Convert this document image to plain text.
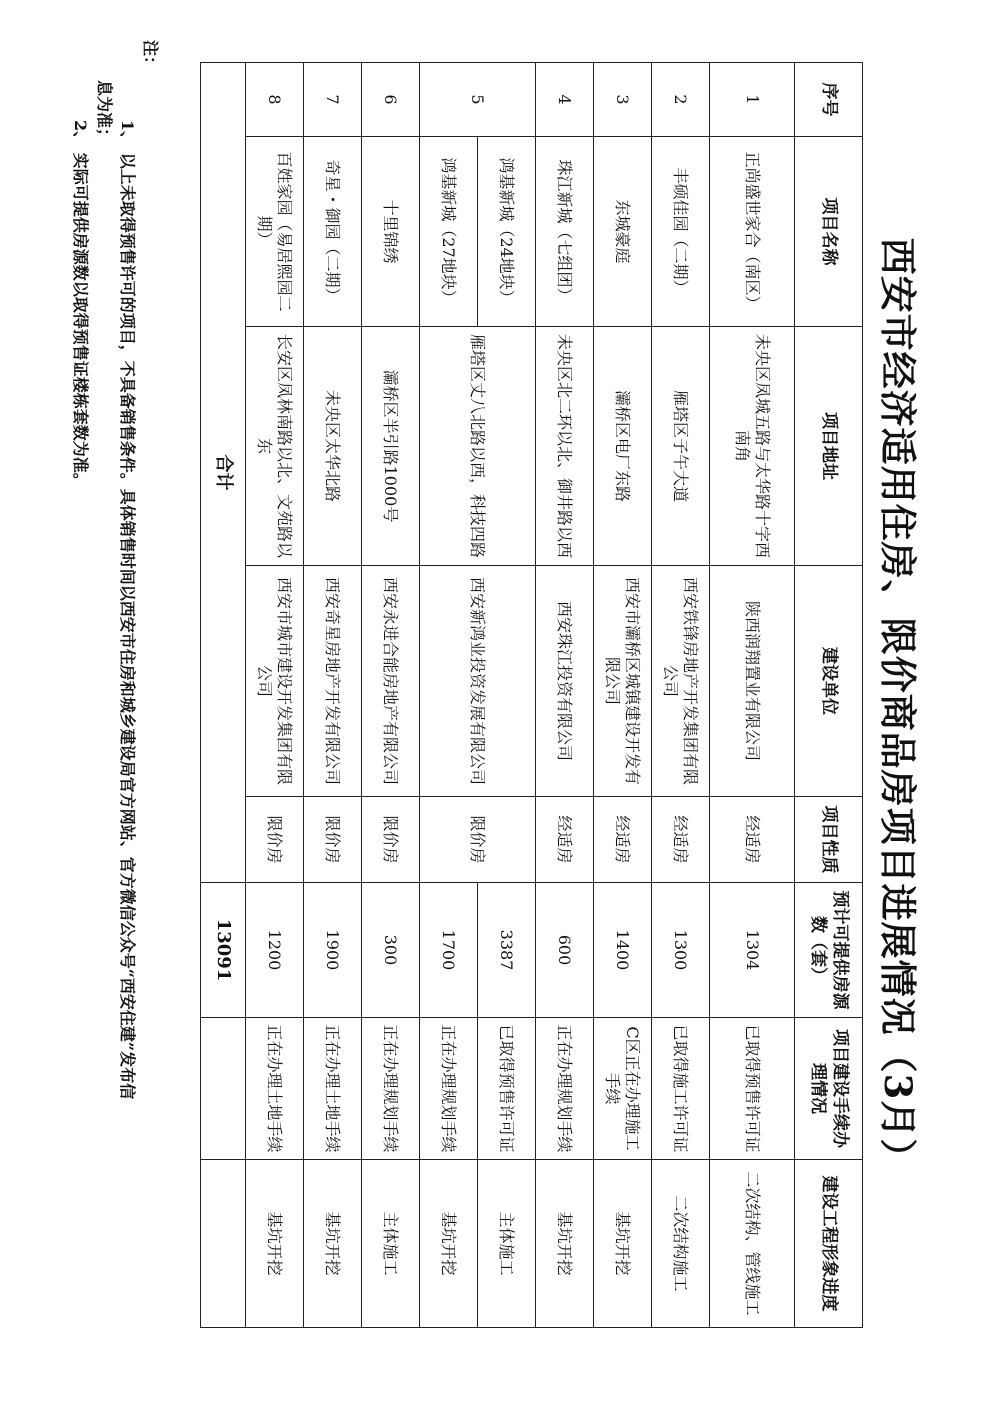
西安市经济适用住房、限价商品房项目进展情况（3月）
序号	项目名称	项目地址	建设单位	项目性质	预计可提供房源数（套）	项目建设手续办理情况	建设工程形象进度
1	正尚盛世家合（南区）	未央区凤城五路与太华路十字西南角	陕西润翔置业有限公司	经适房	1304	已取得预售许可证	二次结构、管线施工
2	丰硕佳园（二期）	雁塔区子午大道	西安铁锋房地产开发集团有限公司	经适房	1300	已取得施工许可证	二次结构施工
3	东城豪庭	灞桥区电厂东路	西安市灞桥区城镇建设开发有限公司	经适房	1400	C区正在办理施工手续	基坑开挖
4	珠江新城（七组团）	未央区北二环以北、御井路以西	西安珠江投资有限公司	经适房	600	正在办理规划手续	基坑开挖
5	鸿基新城（24地块）	雁塔区丈八北路以西，科技四路	西安新鸿业投资发展有限公司	限价房	3387	已取得预售许可证	主体施工
	鸿基新城（27地块）				1700	正在办理规划手续	基坑开挖
6	十里锦绣	灞桥区半引路1000号	西安永进合能房地产有限公司	限价房	300	正在办理规划手续	主体施工
7	奇星・御园（二期）	未央区太华北路	西安奇星房地产开发有限公司	限价房	1900	正在办理土地手续	基坑开挖
8	百姓家园（易居熙园二期）	长安区凤林南路以北、文苑路以东	西安市城市建设开发集团有限公司	限价房	1200	正在办理土地手续	基坑开挖
合计					13091		
注：
1、 以上未取得预售许可的项目，不具备销售条件。具体销售时间以西安市住房和城乡建设局官方网站、官方微信公众号“西安住建”发布信
息为准；
2、 实际可提供房源数以取得预售证楼栋套数为准。
